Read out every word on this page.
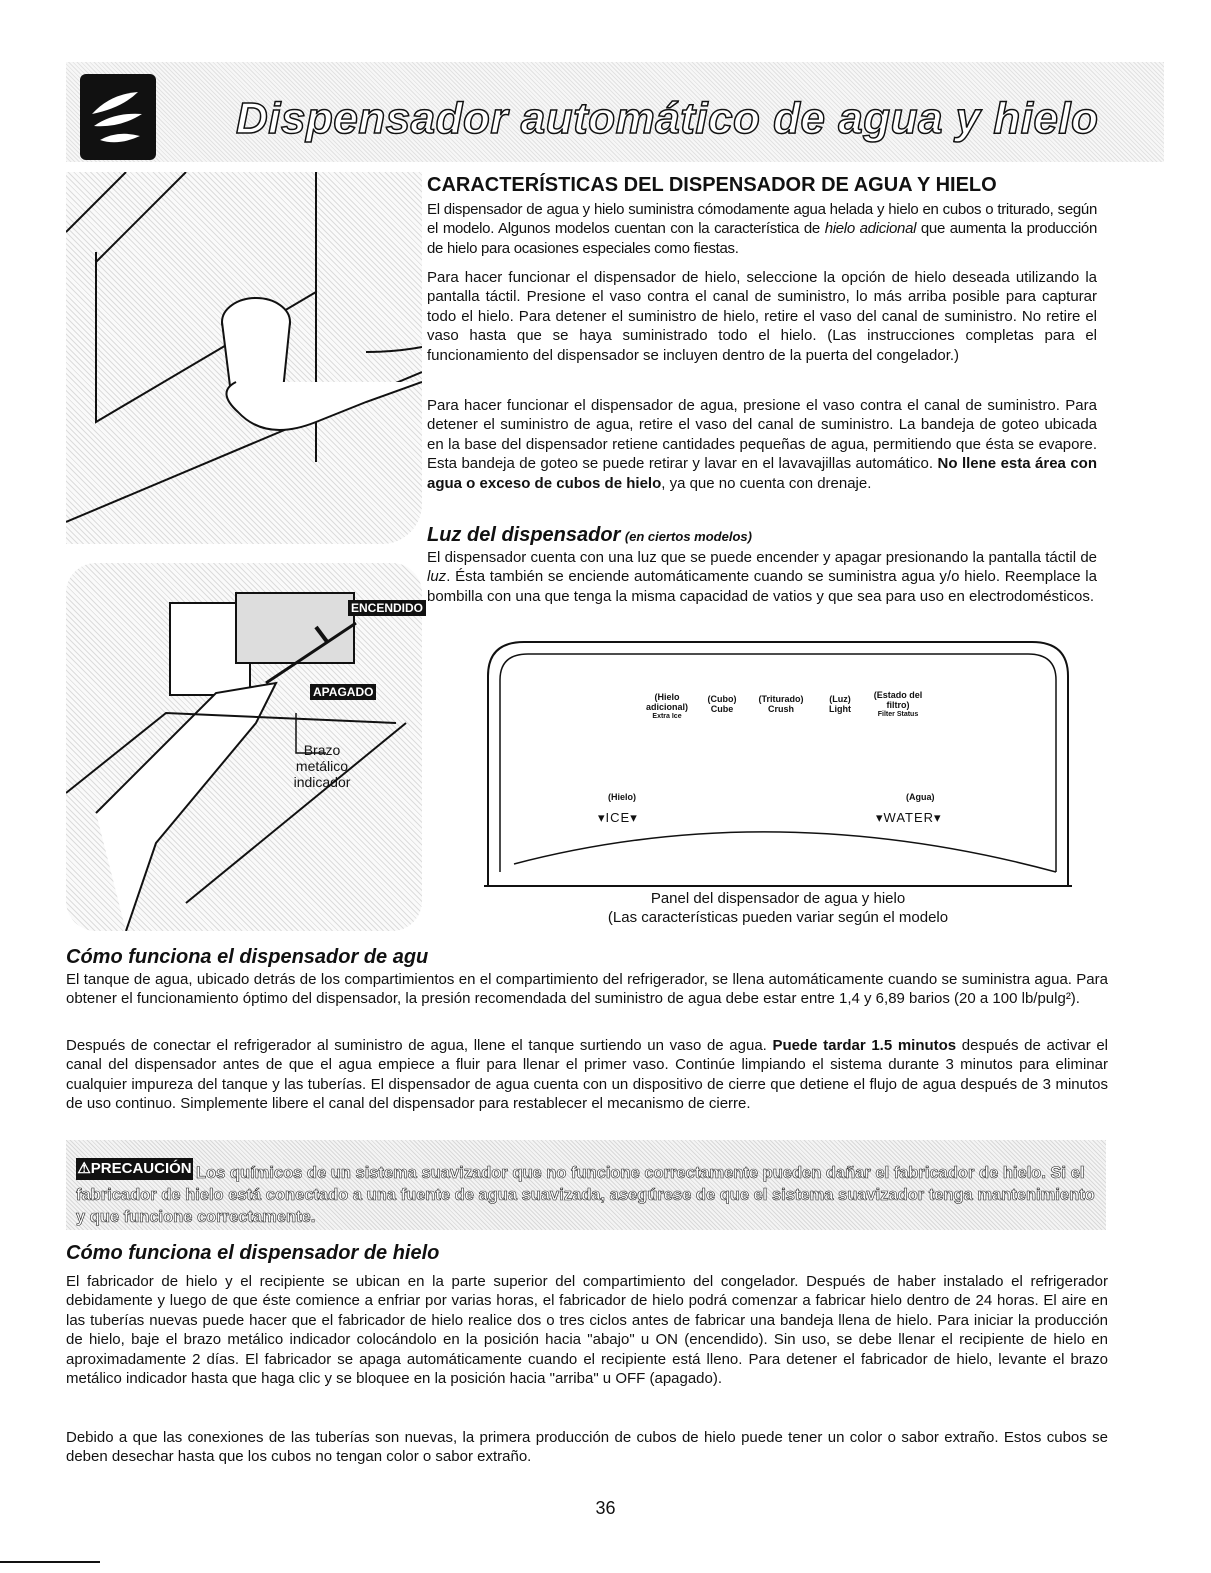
Dispensador automático de agua y hielo
ENCENDIDO
APAGADO
Brazo metálico indicador
CARACTERÍSTICAS DEL DISPENSADOR DE AGUA Y HIELO

El dispensador de agua y hielo suministra cómodamente agua helada y hielo en cubos o triturado, según el modelo. Algunos modelos cuentan con la característica de hielo adicional que aumenta la producción de hielo para ocasiones especiales como fiestas.

Para hacer funcionar el dispensador de hielo, seleccione la opción de hielo deseada utilizando la pantalla táctil. Presione el vaso contra el canal de suministro, lo más arriba posible para capturar todo el hielo. Para detener el suministro de hielo, retire el vaso del canal de suministro. No retire el vaso hasta que se haya suministrado todo el hielo. (Las instrucciones completas para el funcionamiento del dispensador se incluyen dentro de la puerta del congelador.)

Para hacer funcionar el dispensador de agua, presione el vaso contra el canal de suministro. Para detener el suministro de agua, retire el vaso del canal de suministro. La bandeja de goteo ubicada en la base del dispensador retiene cantidades pequeñas de agua, permitiendo que ésta se evapore. Esta bandeja de goteo se puede retirar y lavar en el lavavajillas automático. No llene esta área con agua o exceso de cubos de hielo, ya que no cuenta con drenaje.

Luz del dispensador (en ciertos modelos)

El dispensador cuenta con una luz que se puede encender y apagar presionando la pantalla táctil de luz. Ésta también se enciende automáticamente cuando se suministra agua y/o hielo. Reemplace la bombilla con una que tenga la misma capacidad de vatios y que sea para uso en electrodomésticos.

(Hielo adicional)
Extra Ice
(Cubo)
Cube
(Triturado)
Crush
(Luz)
Light
(Estado del filtro)
Filter Status
(Hielo)
▾ICE▾
(Agua)
▾WATER▾
Panel del dispensador de agua y hielo
(Las características pueden variar según el modelo
Cómo funciona el dispensador de agu

El tanque de agua, ubicado detrás de los compartimientos en el compartimiento del refrigerador, se llena automáticamente cuando se suministra agua. Para obtener el funcionamiento óptimo del dispensador, la presión recomendada del suministro de agua debe estar entre 1,4 y 6,89 barios (20 a 100 lb/pulg²).

Después de conectar el refrigerador al suministro de agua, llene el tanque surtiendo un vaso de agua. Puede tardar 1.5 minutos después de activar el canal del dispensador antes de que el agua empiece a fluir para llenar el primer vaso. Continúe limpiando el sistema durante 3 minutos para eliminar cualquier impureza del tanque y las tuberías. El dispensador de agua cuenta con un dispositivo de cierre que detiene el flujo de agua después de 3 minutos de uso continuo. Simplemente libere el canal del dispensador para restablecer el mecanismo de cierre.

Los químicos de un sistema suavizador que no funcione correctamente pueden dañar el fabricador de hielo. Si el fabricador de hielo está conectado a una fuente de agua suavizada, asegúrese de que el sistema suavizador tenga mantenimiento y que funcione correctamente.
⚠PRECAUCIÓN
Cómo funciona el dispensador de hielo

El fabricador de hielo y el recipiente se ubican en la parte superior del compartimiento del congelador. Después de haber instalado el refrigerador debidamente y luego de que éste comience a enfriar por varias horas, el fabricador de hielo podrá comenzar a fabricar hielo dentro de 24 horas. El aire en las tuberías nuevas puede hacer que el fabricador de hielo realice dos o tres ciclos antes de fabricar una bandeja llena de hielo. Para iniciar la producción de hielo, baje el brazo metálico indicador colocándolo en la posición hacia "abajo" u ON (encendido). Sin uso, se debe llenar el recipiente de hielo en aproximadamente 2 días. El fabricador se apaga automáticamente cuando el recipiente está lleno. Para detener el fabricador de hielo, levante el brazo metálico indicador hasta que haga clic y se bloquee en la posición hacia "arriba" u OFF (apagado).

Debido a que las conexiones de las tuberías son nuevas, la primera producción de cubos de hielo puede tener un color o sabor extraño. Estos cubos se deben desechar hasta que los cubos no tengan color o sabor extraño.

36
